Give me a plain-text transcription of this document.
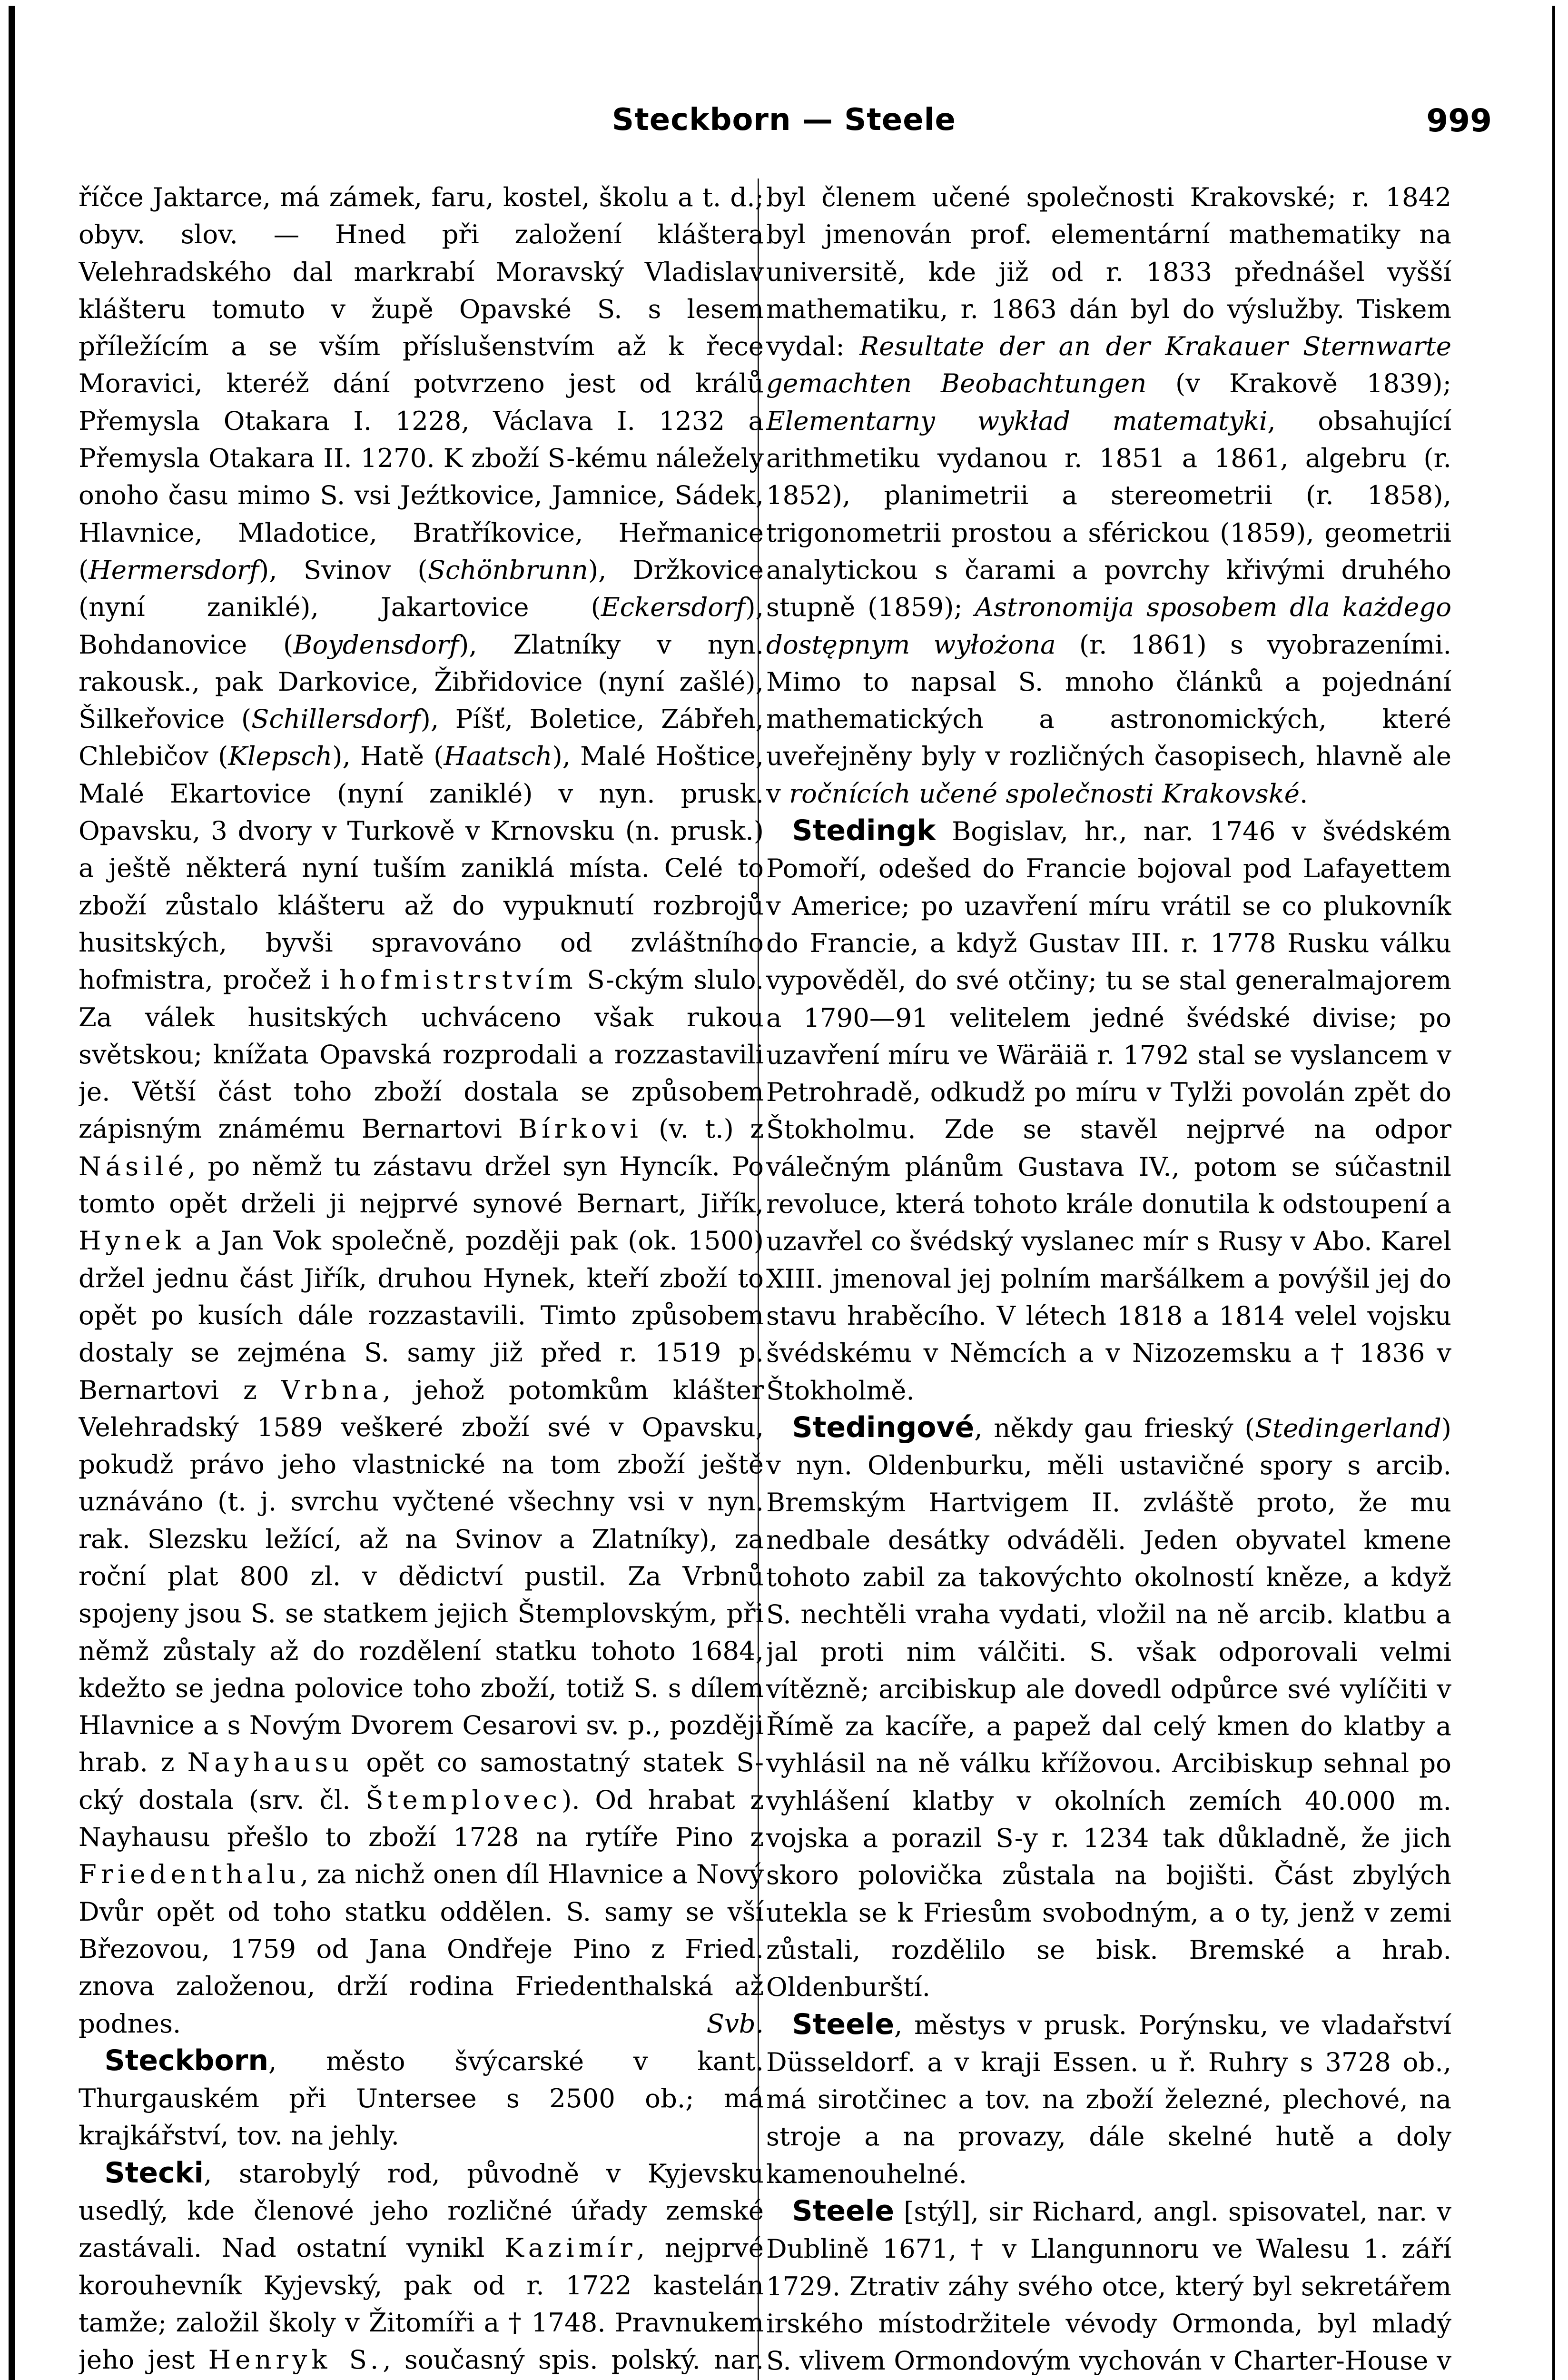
Steckborn — Steele	999

říčce Jaktarce, má zámek, faru, kostel, školu a t. d.; obyv. slov. — Hned při založení kláštera Velehradského dal markrabí Moravský Vladislav klášteru tomuto v župě Opavské S. s lesem příležícím a se vším příslušenstvím až k řece Moravici, kteréž dání potvrzeno jest od králů Přemysla Otakara I. 1228, Václava I. 1232 a Přemysla Otakara II. 1270. K zboží S-kému náležely onoho času mimo S. vsi Jeźtkovice, Jamnice, Sádek, Hlavnice, Mladotice, Bratříkovice, Heřmanice (Hermersdorf), Svinov (Schönbrunn), Držkovice (nyní zaniklé), Jakartovice (Eckersdorf), Bohdanovice (Boydensdorf), Zlatníky v nyn. rakousk., pak Darkovice, Žibřidovice (nyní zašlé), Šilkeřovice (Schillersdorf), Píšť, Boletice, Zábřeh, Chlebičov (Klepsch), Hatě (Haatsch), Malé Hoštice, Malé Ekartovice (nyní zaniklé) v nyn. prusk. Opavsku, 3 dvory v Turkově v Krnovsku (n. prusk.) a ještě některá nyní tuším zaniklá místa. Celé to zboží zůstalo klášteru až do vypuknutí rozbrojů husitských, byvši spravováno od zvláštního hofmistra, pročež i hofmistrstvím S-ckým slulo. Za válek husitských uchváceno však rukou světskou; knížata Opavská rozprodali a rozzastavili je. Větší část toho zboží dostala se způsobem zápisným známému Bernartovi Bírkovi (v. t.) z Násilé, po němž tu zástavu držel syn Hyncík. Po tomto opět drželi ji nejprvé synové Bernart, Jiřík, Hynek a Jan Vok společně, později pak (ok. 1500) držel jednu část Jiřík, druhou Hynek, kteří zboží to opět po kusích dále rozzastavili. Timto způsobem dostaly se zejména S. samy již před r. 1519 p. Bernartovi z Vrbna, jehož potomkům klášter Velehradský 1589 veškeré zboží své v Opavsku, pokudž právo jeho vlastnické na tom zboží ještě uznáváno (t. j. svrchu vyčtené všechny vsi v nyn. rak. Slezsku ležící, až na Svinov a Zlatníky), za roční plat 800 zl. v dědictví pustil. Za Vrbnů spojeny jsou S. se statkem jejich Štemplovským, při němž zůstaly až do rozdělení statku tohoto 1684, kdežto se jedna polovice toho zboží, totiž S. s dílem Hlavnice a s Novým Dvorem Cesarovi sv. p., později hrab. z Nayhausu opět co samostatný statek S-cký dostala (srv. čl. Štemplovec). Od hrabat z Nayhausu přešlo to zboží 1728 na rytíře Pino z Friedenthalu, za nichž onen díl Hlavnice a Nový Dvůr opět od toho statku oddělen. S. samy se vší Březovou, 1759 od Jana Ondřeje Pino z Fried. znova založenou, drží rodina Friedenthalská až podnes.	Svb.

 Steckborn, město švýcarské v kant. Thurgauském při Untersee s 2500 ob.; má krajkářství, tov. na jehly.

 Stecki, starobylý rod, původně v Kyjevsku usedlý, kde členové jeho rozličné úřady zemské zastávali. Nad ostatní vynikl Kazimír, nejprvé korouhevník Kyjevský, pak od r. 1722 kastelán tamže; založil školy v Žitomíři a † 1748. Pravnukem jeho jest Henryk S., současný spis. polský. nar.

byl členem učené společnosti Krakovské; r. 1842 byl jmenován prof. elementární mathematiky na universitě, kde již od r. 1833 přednášel vyšší mathematiku, r. 1863 dán byl do výslužby. Tiskem vydal: Resultate der an der Krakauer Sternwarte gemachten Beobachtungen (v Krakově 1839); Elementarny wykład matematyki, obsahující arithmetiku vydanou r. 1851 a 1861, algebru (r. 1852), planimetrii a stereometrii (r. 1858), trigonometrii prostou a sférickou (1859), geometrii analytickou s čarami a povrchy křivými druhého stupně (1859); Astronomija sposobem dla każdego dostępnym wyłożona (r. 1861) s vyobrazeními. Mimo to napsal S. mnoho článků a pojednání mathematických a astronomických, které uveřejněny byly v rozličných časopisech, hlavně ale v ročnících učené společnosti Krakovské.

 Stedingk Bogislav, hr., nar. 1746 v švédském Pomoří, odešed do Francie bojoval pod Lafayettem v Americe; po uzavření míru vrátil se co plukovník do Francie, a když Gustav III. r. 1778 Rusku válku vypověděl, do své otčiny; tu se stal generalmajorem a 1790—91 velitelem jedné švédské divise; po uzavření míru ve Wäräiä r. 1792 stal se vyslancem v Petrohradě, odkudž po míru v Tylži povolán zpět do Štokholmu. Zde se stavěl nejprvé na odpor válečným plánům Gustava IV., potom se súčastnil revoluce, která tohoto krále donutila k odstoupení a uzavřel co švédský vyslanec mír s Rusy v Abo. Karel XIII. jmenoval jej polním maršálkem a povýšil jej do stavu hraběcího. V létech 1818 a 1814 velel vojsku švédskému v Němcích a v Nizozemsku a † 1836 v Štokholmě.

 Stedingové, někdy gau frieský (Stedingerland) v nyn. Oldenburku, měli ustavičné spory s arcib. Bremským Hartvigem II. zvláště proto, že mu nedbale desátky odváděli. Jeden obyvatel kmene tohoto zabil za takovýchto okolností kněze, a když S. nechtěli vraha vydati, vložil na ně arcib. klatbu a jal proti nim válčiti. S. však odporovali velmi vítězně; arcibiskup ale dovedl odpůrce své vylíčiti v Římě za kacíře, a papež dal celý kmen do klatby a vyhlásil na ně válku křížovou. Arcibiskup sehnal po vyhlášení klatby v okolních zemích 40.000 m. vojska a porazil S-y r. 1234 tak důkladně, že jich skoro polovička zůstala na bojišti. Část zbylých utekla se k Friesům svobodným, a o ty, jenž v zemi zůstali, rozdělilo se bisk. Bremské a hrab. Oldenburští.

 Steele, městys v prusk. Porýnsku, ve vladařství Düsseldorf. a v kraji Essen. u ř. Ruhry s 3728 ob., má sirotčinec a tov. na zboží železné, plechové, na stroje a na provazy, dále skelné hutě a doly kamenouhelné.

 Steele [stýl], sir Richard, angl. spisovatel, nar. v Dublině 1671, † v Llangunnoru ve Walesu 1. září 1729. Ztrativ záhy svého otce, který byl sekretářem irského místodržitele vévody Ormonda, byl mladý S. vlivem Ormondovým vychován v Charter-House v
